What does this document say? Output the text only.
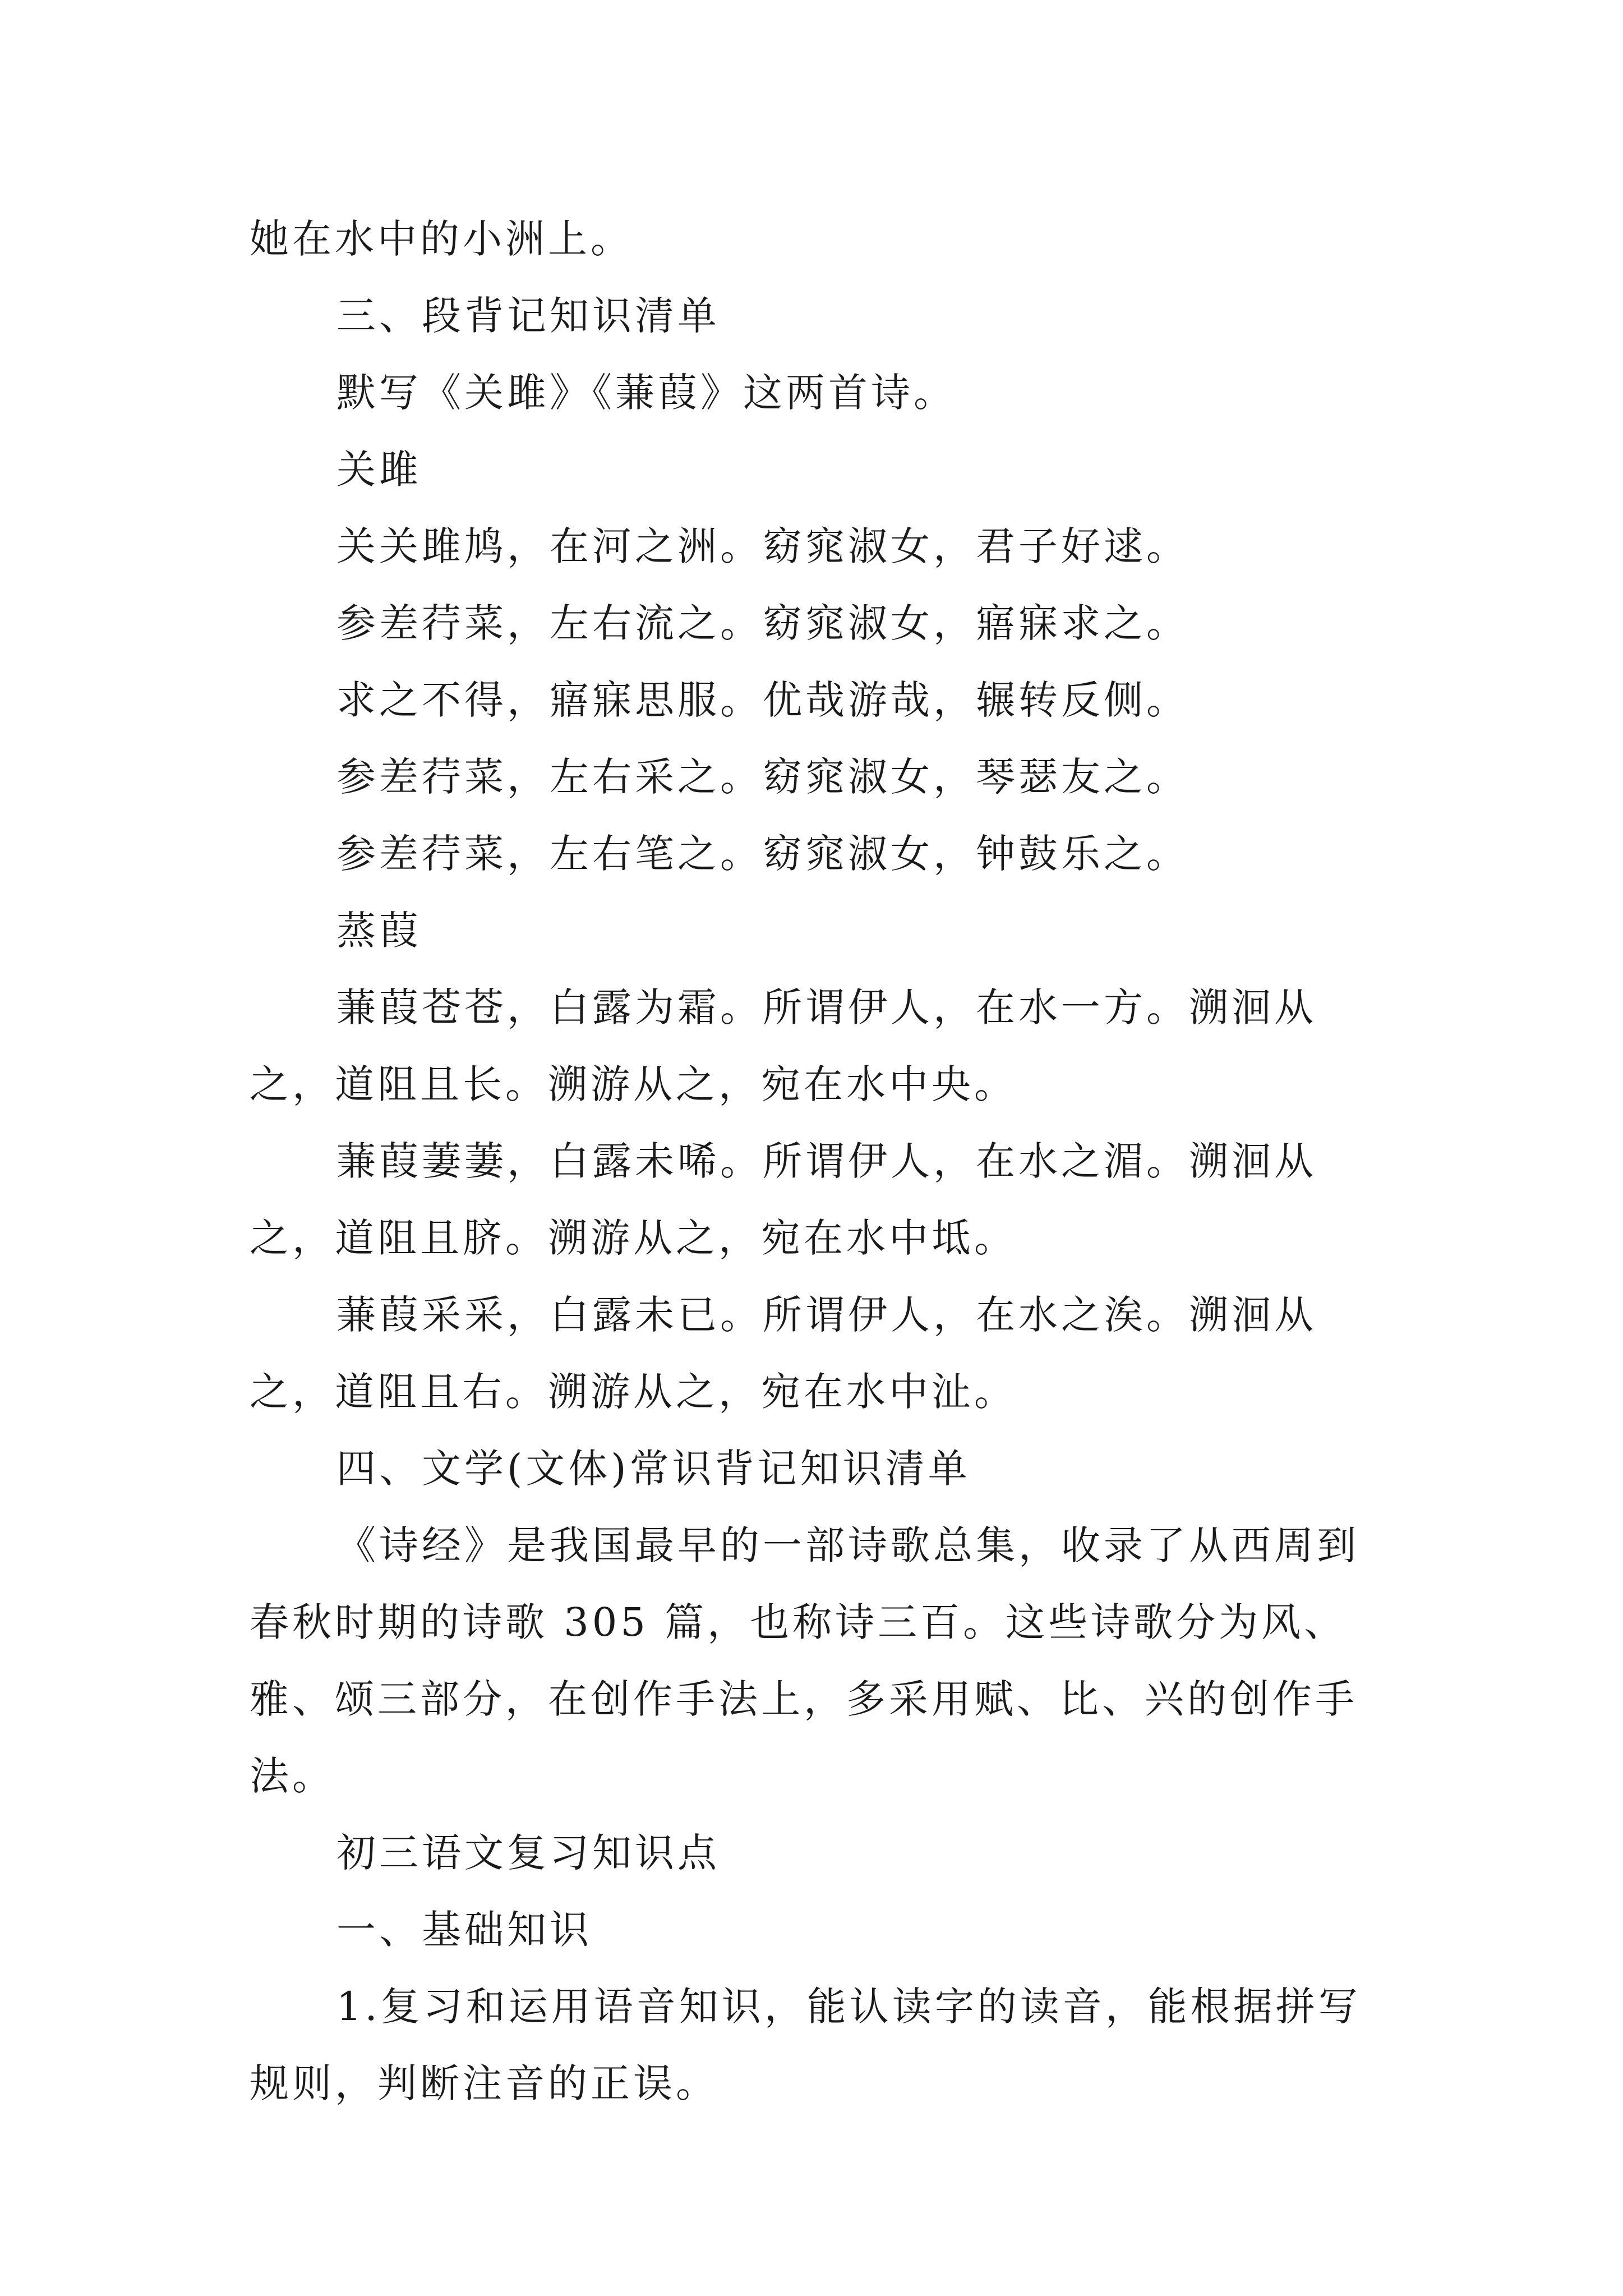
她在水中的小洲上。

三、段背记知识清单

默写《关雎》《蒹葭》这两首诗。

关雎

关关雎鸠，在河之洲。窈窕淑女，君子好逑。

参差荇菜，左右流之。窈窕淑女，寤寐求之。

求之不得，寤寐思服。优哉游哉，辗转反侧。

参差荇菜，左右采之。窈窕淑女，琴瑟友之。

参差荇菜，左右笔之。窈窕淑女，钟鼓乐之。

蒸葭

蒹葭苍苍，白露为霜。所谓伊人，在水一方。溯洄从之，道阻且长。溯游从之，宛在水中央。

蒹葭萋萋，白露未唏。所谓伊人，在水之湄。溯洄从之，道阻且脐。溯游从之，宛在水中坻。

蒹葭采采，白露未已。所谓伊人，在水之涘。溯洄从之，道阻且右。溯游从之，宛在水中沚。

四、文学(文体)常识背记知识清单

《诗经》是我国最早的一部诗歌总集，收录了从西周到春秋时期的诗歌 305 篇，也称诗三百。这些诗歌分为风、雅、颂三部分，在创作手法上，多采用赋、比、兴的创作手法。

初三语文复习知识点

一、基础知识

1.复习和运用语音知识，能认读字的读音，能根据拼写规则，判断注音的正误。
